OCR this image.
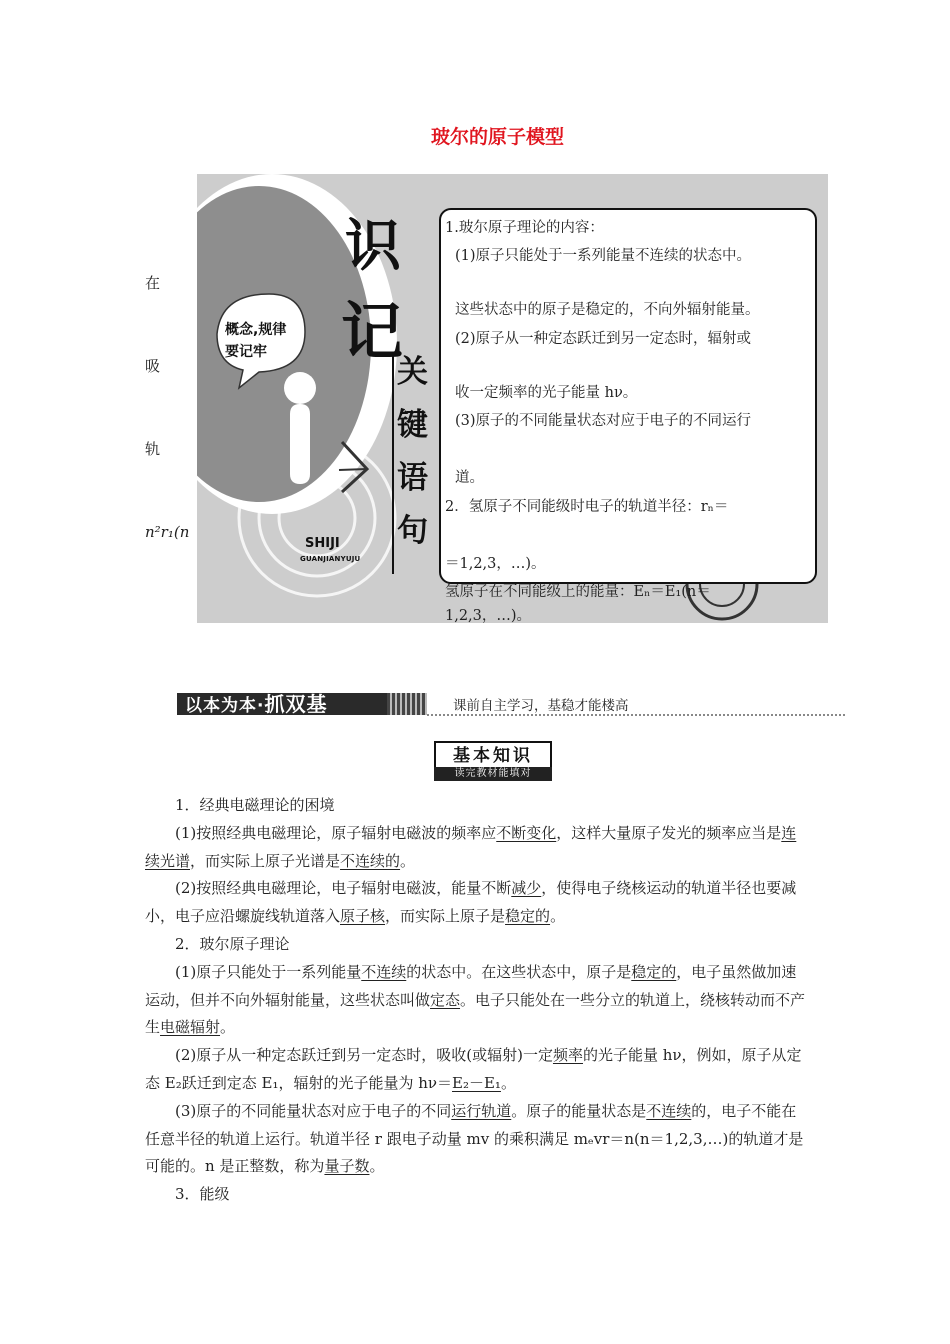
玻尔的原子模型
在
吸
轨
n²r₁(n
概念,规律
要记牢
SHIJI
GUANJIANYUJU
识
记
关
键
语
句
1.玻尔原子理论的内容：
(1)原子只能处于一系列能量不连续的状态中。
这些状态中的原子是稳定的，不向外辐射能量。
(2)原子从一种定态跃迁到另一定态时，辐射或
收一定频率的光子能量 hν。
(3)原子的不同能量状态对应于电子的不同运行
道。
2．氢原子不同能级时电子的轨道半径：rₙ＝
＝1,2,3，…)。
氢原子在不同能级上的能量：Eₙ＝E₁(n＝
1,2,3，…)。
以本为本·抓双基	课前自主学习，基稳才能楼高
基本知识
读完教材能填对

1．经典电磁理论的困境

(1)按照经典电磁理论，原子辐射电磁波的频率应不断变化，这样大量原子发光的频率应当是连续光谱，而实际上原子光谱是不连续的。

(2)按照经典电磁理论，电子辐射电磁波，能量不断减少，使得电子绕核运动的轨道半径也要减小，电子应沿螺旋线轨道落入原子核，而实际上原子是稳定的。

2．玻尔原子理论

(1)原子只能处于一系列能量不连续的状态中。在这些状态中，原子是稳定的，电子虽然做加速运动，但并不向外辐射能量，这些状态叫做定态。电子只能处在一些分立的轨道上，绕核转动而不产生电磁辐射。

(2)原子从一种定态跃迁到另一定态时，吸收(或辐射)一定频率的光子能量 hν，例如，原子从定态 E₂跃迁到定态 E₁，辐射的光子能量为 hν＝E₂－E₁。

(3)原子的不同能量状态对应于电子的不同运行轨道。原子的能量状态是不连续的，电子不能在任意半径的轨道上运行。轨道半径 r 跟电子动量 mv 的乘积满足 mₑvr＝n(n＝1,2,3,…)的轨道才是可能的。n 是正整数，称为量子数。

3．能级
